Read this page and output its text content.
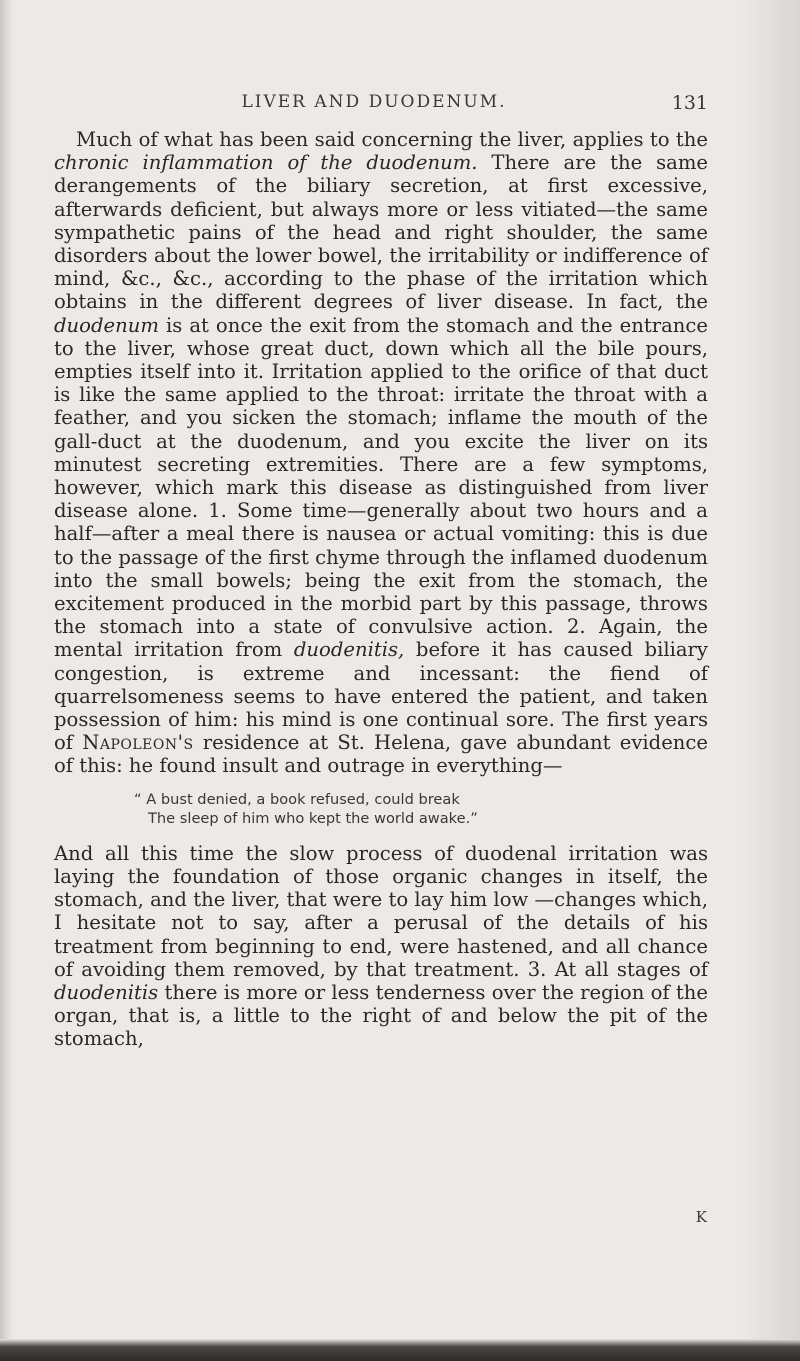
LIVER AND DUODENUM.	131

Much of what has been said concerning the liver, applies to the chronic inflammation of the duodenum. There are the same derangements of the biliary secretion, at first excessive, afterwards deficient, but always more or less vitiated—the same sympathetic pains of the head and right shoulder, the same disorders about the lower bowel, the irritability or indifference of mind, &c., &c., according to the phase of the irritation which obtains in the different degrees of liver disease. In fact, the duodenum is at once the exit from the stomach and the entrance to the liver, whose great duct, down which all the bile pours, empties itself into it. Irritation applied to the orifice of that duct is like the same applied to the throat: irritate the throat with a feather, and you sicken the stomach; inflame the mouth of the gall-duct at the duodenum, and you excite the liver on its minutest secreting extremities. There are a few symptoms, however, which mark this disease as distinguished from liver disease alone. 1. Some time—generally about two hours and a half—after a meal there is nausea or actual vomiting: this is due to the passage of the first chyme through the inflamed duodenum into the small bowels; being the exit from the stomach, the excitement produced in the morbid part by this passage, throws the stomach into a state of convulsive action. 2. Again, the mental irritation from duodenitis, before it has caused biliary congestion, is extreme and incessant: the fiend of quarrelsomeness seems to have entered the patient, and taken possession of him: his mind is one continual sore. The first years of Napoleon's residence at St. Helena, gave abundant evidence of this: he found insult and outrage in everything—

“ A bust denied, a book refused, could break
The sleep of him who kept the world awake.”

And all this time the slow process of duodenal irritation was laying the foundation of those organic changes in itself, the stomach, and the liver, that were to lay him low —changes which, I hesitate not to say, after a perusal of the details of his treatment from beginning to end, were hastened, and all chance of avoiding them removed, by that treatment. 3. At all stages of duodenitis there is more or less tenderness over the region of the organ, that is, a little to the right of and below the pit of the stomach,

K
